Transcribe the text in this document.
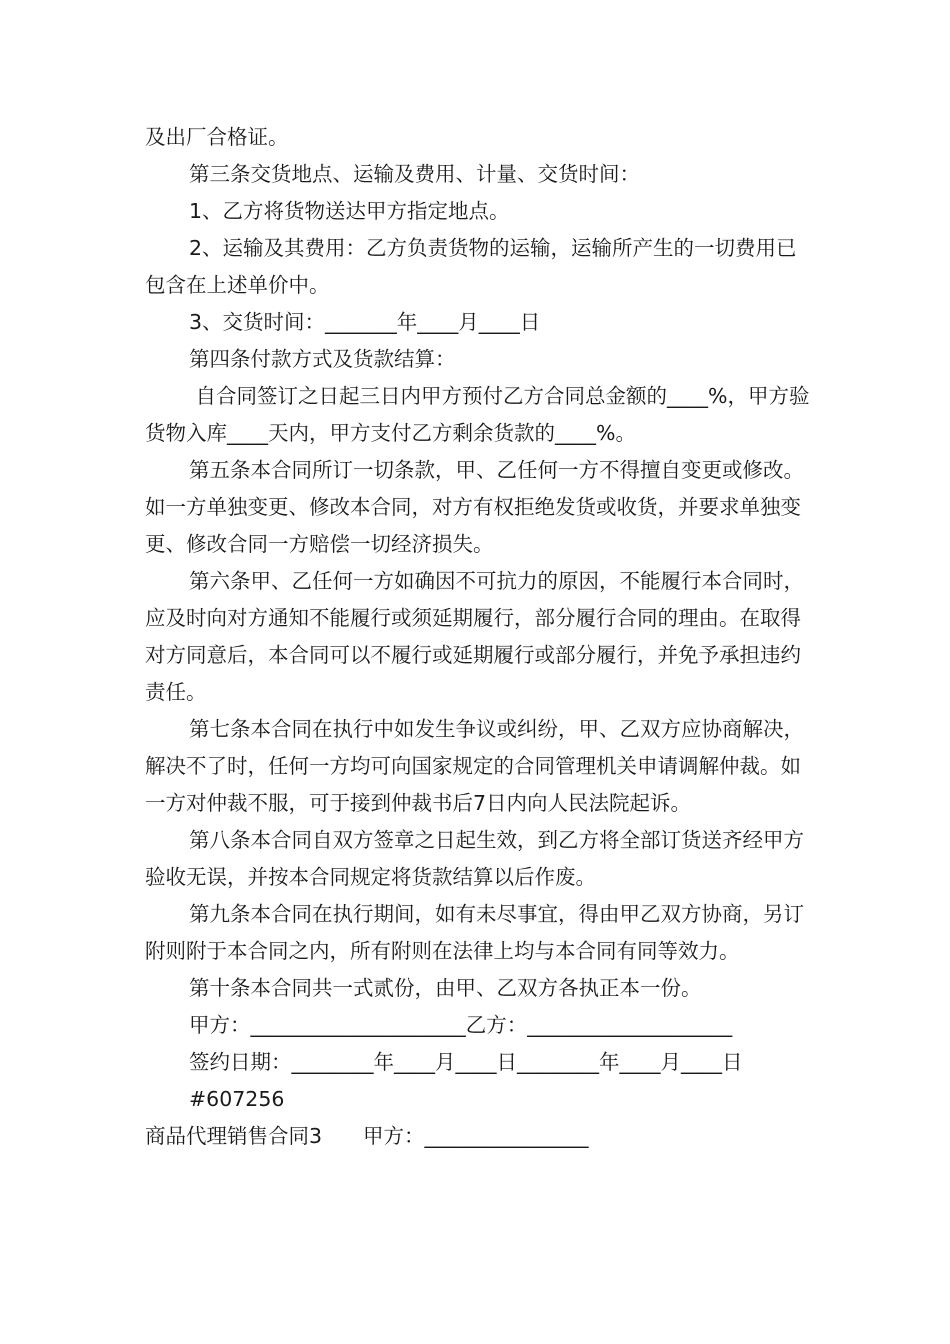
及出厂合格证。

第三条交货地点、运输及费用、计量、交货时间：

1、乙方将货物送达甲方指定地点。

2、运输及其费用：乙方负责货物的运输，运输所产生的一切费用已包含在上述单价中。

3、交货时间：_______年____月____日

第四条付款方式及货款结算：

自合同签订之日起三日内甲方预付乙方合同总金额的____%，甲方验货物入库____天内，甲方支付乙方剩余货款的____%。

第五条本合同所订一切条款，甲、乙任何一方不得擅自变更或修改。如一方单独变更、修改本合同，对方有权拒绝发货或收货，并要求单独变更、修改合同一方赔偿一切经济损失。

第六条甲、乙任何一方如确因不可抗力的原因，不能履行本合同时，应及时向对方通知不能履行或须延期履行，部分履行合同的理由。在取得对方同意后，本合同可以不履行或延期履行或部分履行，并免予承担违约责任。

第七条本合同在执行中如发生争议或纠纷，甲、乙双方应协商解决，解决不了时，任何一方均可向国家规定的合同管理机关申请调解仲裁。如一方对仲裁不服，可于接到仲裁书后7日内向人民法院起诉。

第八条本合同自双方签章之日起生效，到乙方将全部订货送齐经甲方验收无误，并按本合同规定将货款结算以后作废。

第九条本合同在执行期间，如有未尽事宜，得由甲乙双方协商，另订附则附于本合同之内，所有附则在法律上均与本合同有同等效力。

第十条本合同共一式贰份，由甲、乙双方各执正本一份。

甲方：_____________________乙方：____________________

签约日期：________年____月____日________年____月____日

#607256

商品代理销售合同3　　甲方：________________
